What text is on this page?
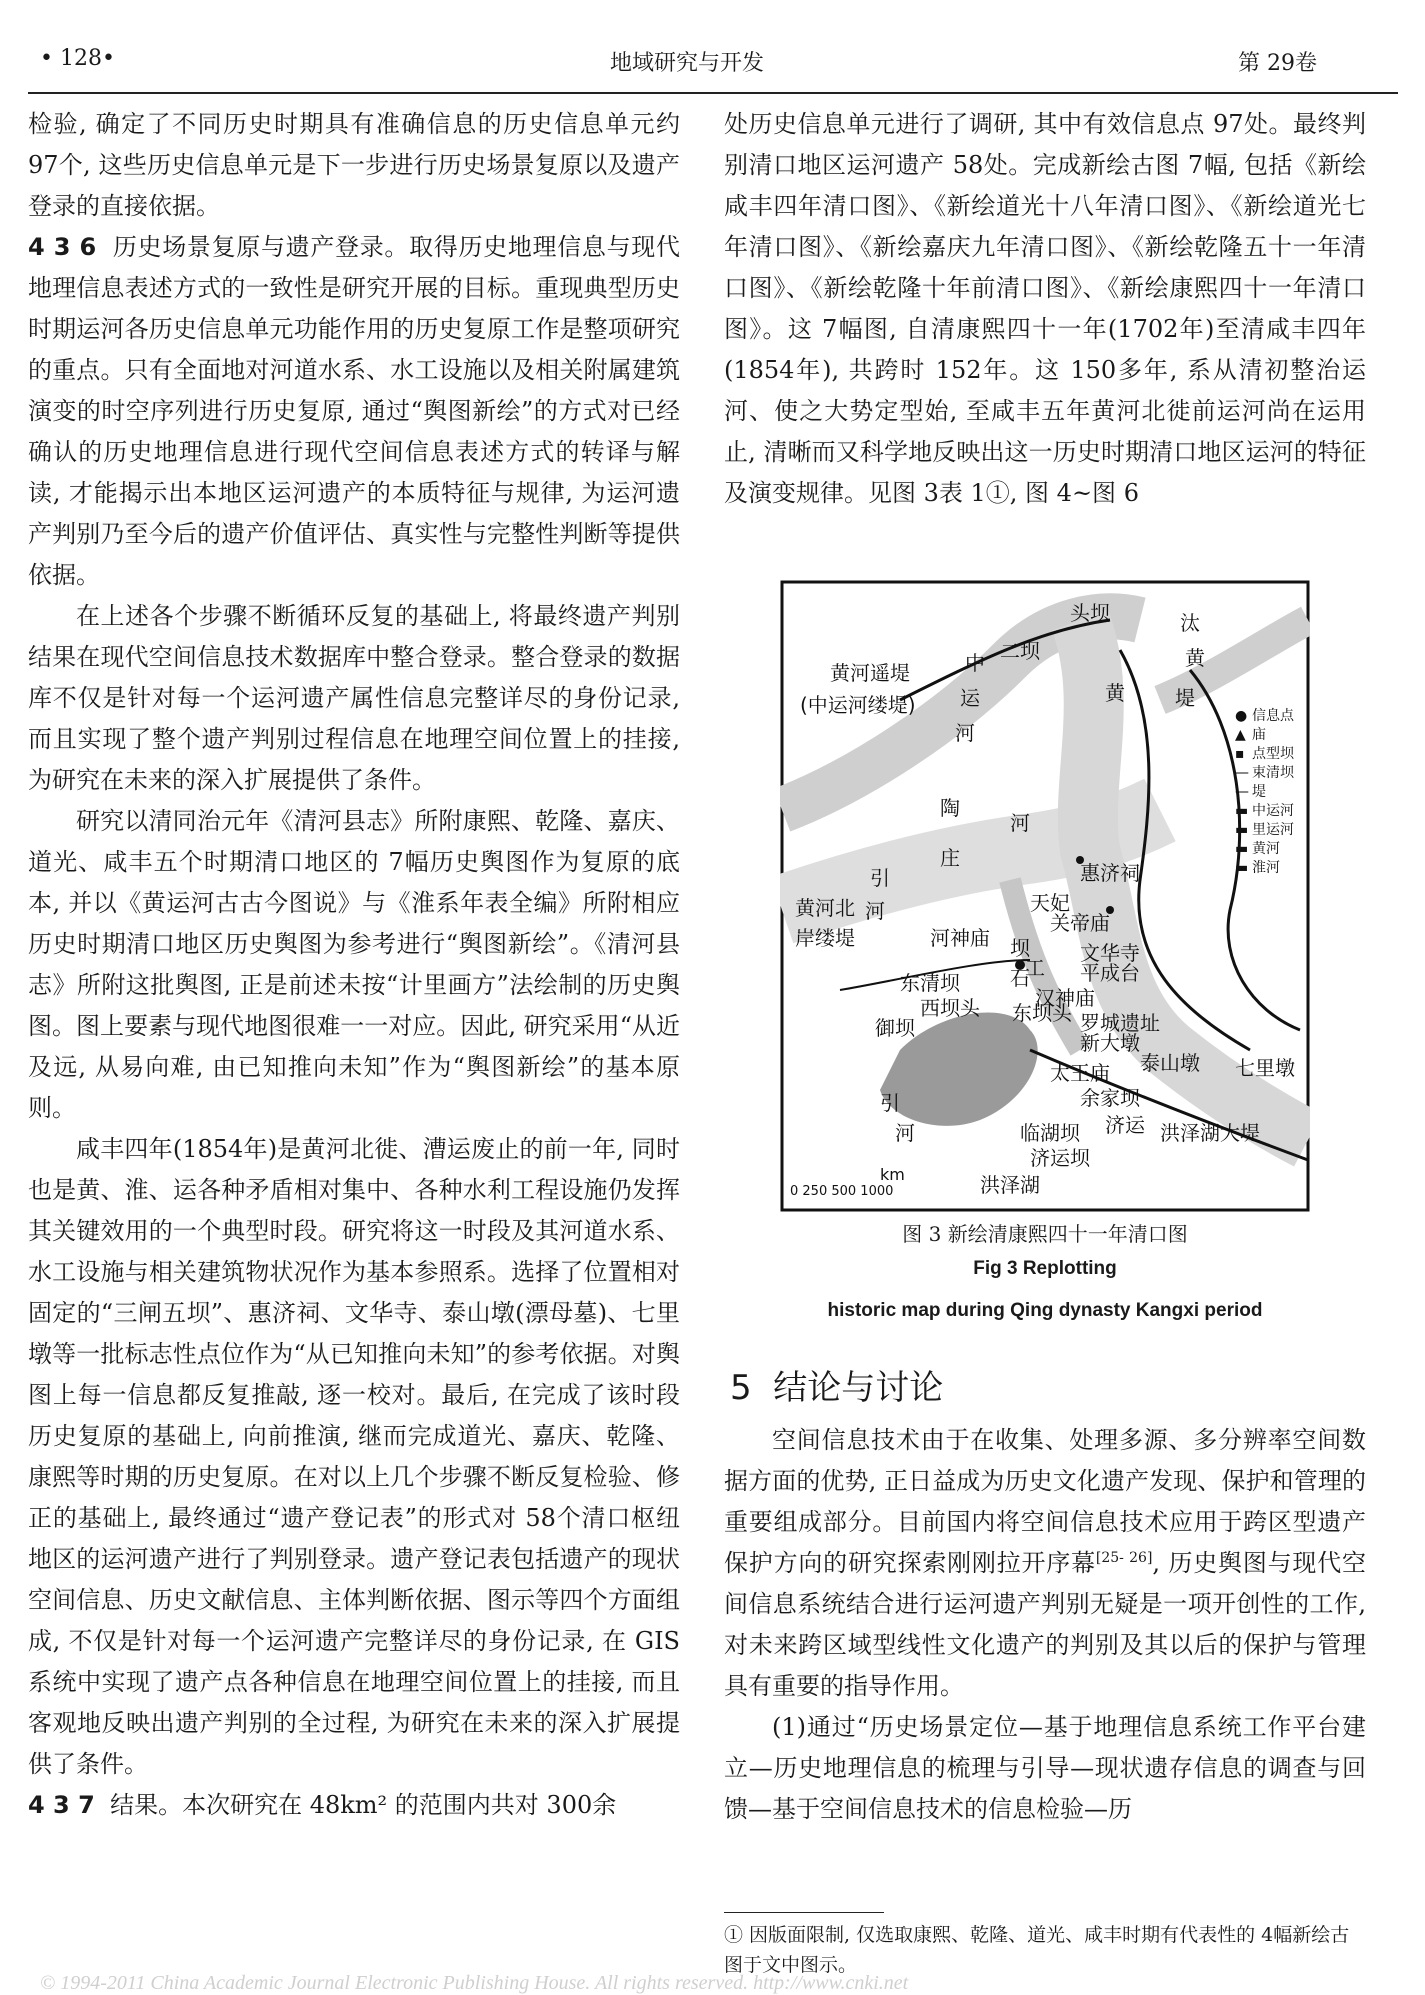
• 128•	地域研究与开发	第 29卷

检验, 确定了不同历史时期具有准确信息的历史信息单元约 97个, 这些历史信息单元是下一步进行历史场景复原以及遗产登录的直接依据。

4 3 6 历史场景复原与遗产登录。取得历史地理信息与现代地理信息表述方式的一致性是研究开展的目标。重现典型历史时期运河各历史信息单元功能作用的历史复原工作是整项研究的重点。只有全面地对河道水系、水工设施以及相关附属建筑演变的时空序列进行历史复原, 通过“舆图新绘”的方式对已经确认的历史地理信息进行现代空间信息表述方式的转译与解读, 才能揭示出本地区运河遗产的本质特征与规律, 为运河遗产判别乃至今后的遗产价值评估、真实性与完整性判断等提供依据。

在上述各个步骤不断循环反复的基础上, 将最终遗产判别结果在现代空间信息技术数据库中整合登录。整合登录的数据库不仅是针对每一个运河遗产属性信息完整详尽的身份记录, 而且实现了整个遗产判别过程信息在地理空间位置上的挂接, 为研究在未来的深入扩展提供了条件。

研究以清同治元年《清河县志》所附康熙、乾隆、嘉庆、道光、咸丰五个时期清口地区的 7幅历史舆图作为复原的底本, 并以《黄运河古古今图说》与《淮系年表全编》所附相应历史时期清口地区历史舆图为参考进行“舆图新绘”。《清河县志》所附这批舆图, 正是前述未按“计里画方”法绘制的历史舆图。图上要素与现代地图很难一一对应。因此, 研究采用“从近及远, 从易向难, 由已知推向未知”作为“舆图新绘”的基本原则。

咸丰四年(1854年)是黄河北徙、漕运废止的前一年, 同时也是黄、淮、运各种矛盾相对集中、各种水利工程设施仍发挥其关键效用的一个典型时段。研究将这一时段及其河道水系、水工设施与相关建筑物状况作为基本参照系。选择了位置相对固定的“三闸五坝”、惠济祠、文华寺、泰山墩(漂母墓)、七里墩等一批标志性点位作为“从已知推向未知”的参考依据。对舆图上每一信息都反复推敲, 逐一校对。最后, 在完成了该时段历史复原的基础上, 向前推演, 继而完成道光、嘉庆、乾隆、康熙等时期的历史复原。在对以上几个步骤不断反复检验、修正的基础上, 最终通过“遗产登记表”的形式对 58个清口枢纽地区的运河遗产进行了判别登录。遗产登记表包括遗产的现状空间信息、历史文献信息、主体判断依据、图示等四个方面组成, 不仅是针对每一个运河遗产完整详尽的身份记录, 在 GIS系统中实现了遗产点各种信息在地理空间位置上的挂接, 而且客观地反映出遗产判别的全过程, 为研究在未来的深入扩展提供了条件。

4 3 7 结果。本次研究在 48km² 的范围内共对 300余

处历史信息单元进行了调研, 其中有效信息点 97处。最终判别清口地区运河遗产 58处。完成新绘古图 7幅, 包括《新绘咸丰四年清口图》、《新绘道光十八年清口图》、《新绘道光七年清口图》、《新绘嘉庆九年清口图》、《新绘乾隆五十一年清口图》、《新绘乾隆十年前清口图》、《新绘康熙四十一年清口图》。这 7幅图, 自清康熙四十一年(1702年)至清咸丰四年(1854年), 共跨时 152年。这 150多年, 系从清初整治运河、使之大势定型始, 至咸丰五年黄河北徙前运河尚在运用止, 清晰而又科学地反映出这一历史时期清口地区运河的特征及演变规律。见图 3表 1①, 图 4~图 6

头坝
二坝
黄河遥堤
(中运河缕堤)
中
运
河
汰
黄
黄
堤
陶
河
庄
引
河
黄河北
岸缕堤	河神庙
惠济祠
天妃
关帝庙
文华寺
坝
平成台
石
工
东清坝
西坝头	汉神庙
东坝头
御坝	罗城遗址
新大墩
泰山墩
太王庙	七里墩
余家坝
济运
引
河	临湖坝
济运坝
洪泽湖大堤
洪泽湖
km
0 250 500 1000
● 信息点
▲ 庙
▪ 点型坝
— 束清坝
— 堤
▬ 中运河
▬ 里运河
▬ 黄河
▬ 淮河
图 3 新绘清康熙四十一年清口图
Fig 3 Replotting
historic map during Qing dynasty Kangxi period
5 结论与讨论

空间信息技术由于在收集、处理多源、多分辨率空间数据方面的优势, 正日益成为历史文化遗产发现、保护和管理的重要组成部分。目前国内将空间信息技术应用于跨区型遗产保护方向的研究探索刚刚拉开序幕[25- 26], 历史舆图与现代空间信息系统结合进行运河遗产判别无疑是一项开创性的工作, 对未来跨区域型线性文化遗产的判别及其以后的保护与管理具有重要的指导作用。

(1)通过“历史场景定位—基于地理信息系统工作平台建立—历史地理信息的梳理与引导—现状遗存信息的调查与回馈—基于空间信息技术的信息检验—历

① 因版面限制, 仅选取康熙、乾隆、道光、咸丰时期有代表性的 4幅新绘古图于文中图示。
© 1994-2011 China Academic Journal Electronic Publishing House. All rights reserved. http://www.cnki.net
